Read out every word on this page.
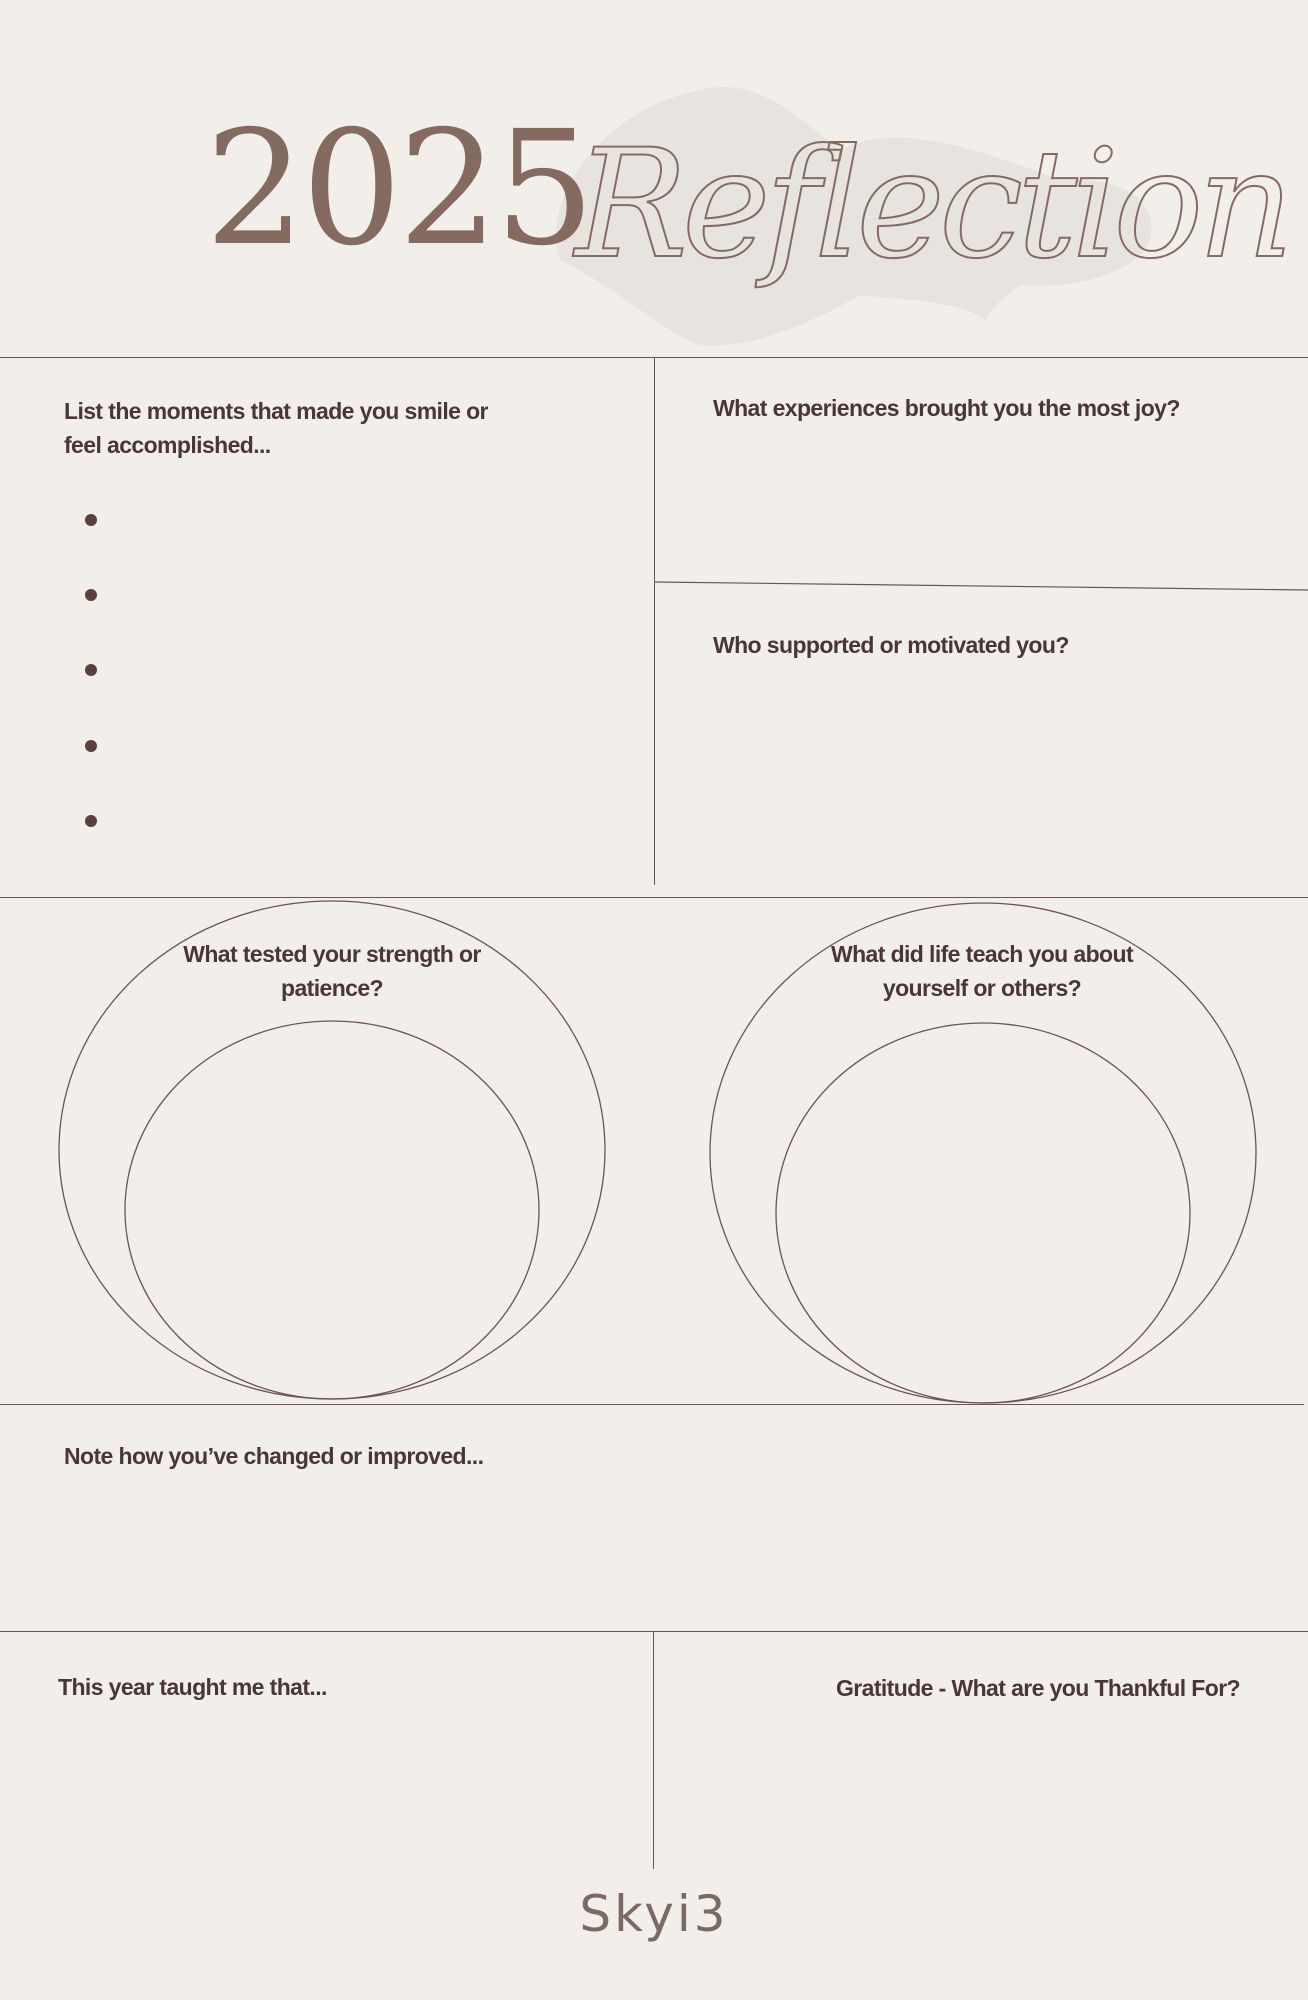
2025
Reflection
List the moments that made you smile or feel accomplished...
What experiences brought you the most joy?
Who supported or motivated you?
What tested your strength or patience?
What did life teach you about yourself or others?
Note how you’ve changed or improved...
This year taught me that...	Gratitude - What are you Thankful For?
Skyi3
